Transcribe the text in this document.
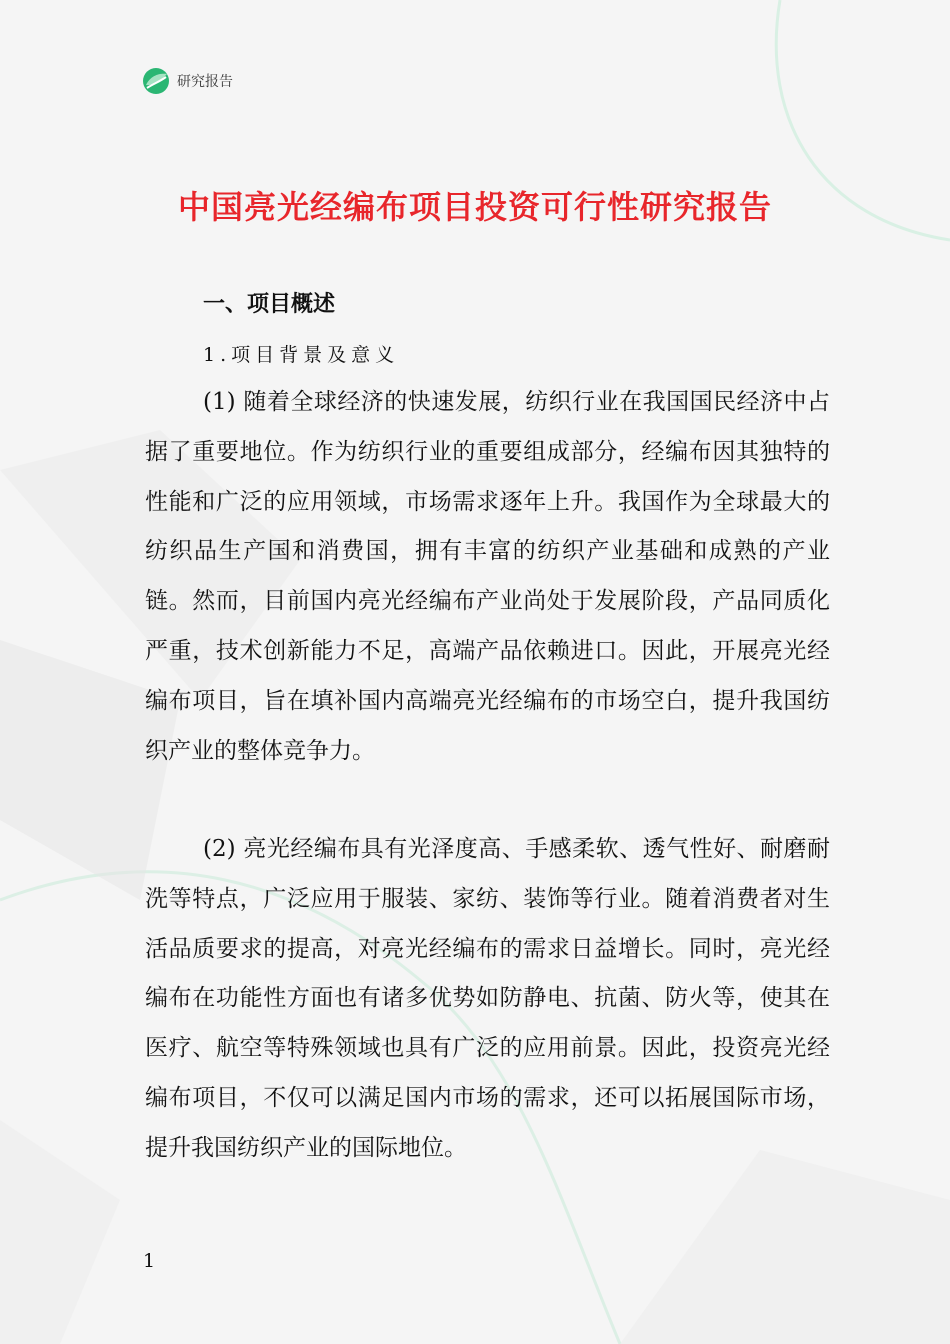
研究报告
中国亮光经编布项目投资可行性研究报告
一、项目概述
1.项目背景及意义

(1) 随着全球经济的快速发展，纺织行业在我国国民经济中占据了重要地位。作为纺织行业的重要组成部分，经编布因其独特的性能和广泛的应用领域，市场需求逐年上升。我国作为全球最大的纺织品生产国和消费国，拥有丰富的纺织产业基础和成熟的产业链。然而，目前国内亮光经编布产业尚处于发展阶段，产品同质化严重，技术创新能力不足，高端产品依赖进口。因此，开展亮光经编布项目，旨在填补国内高端亮光经编布的市场空白，提升我国纺织产业的整体竞争力。

(2) 亮光经编布具有光泽度高、手感柔软、透气性好、耐磨耐洗等特点，广泛应用于服装、家纺、装饰等行业。随着消费者对生活品质要求的提高，对亮光经编布的需求日益增长。同时，亮光经编布在功能性方面也有诸多优势如防静电、抗菌、防火等，使其在医疗、航空等特殊领域也具有广泛的应用前景。因此，投资亮光经编布项目，不仅可以满足国内市场的需求，还可以拓展国际市场，提升我国纺织产业的国际地位。

1
